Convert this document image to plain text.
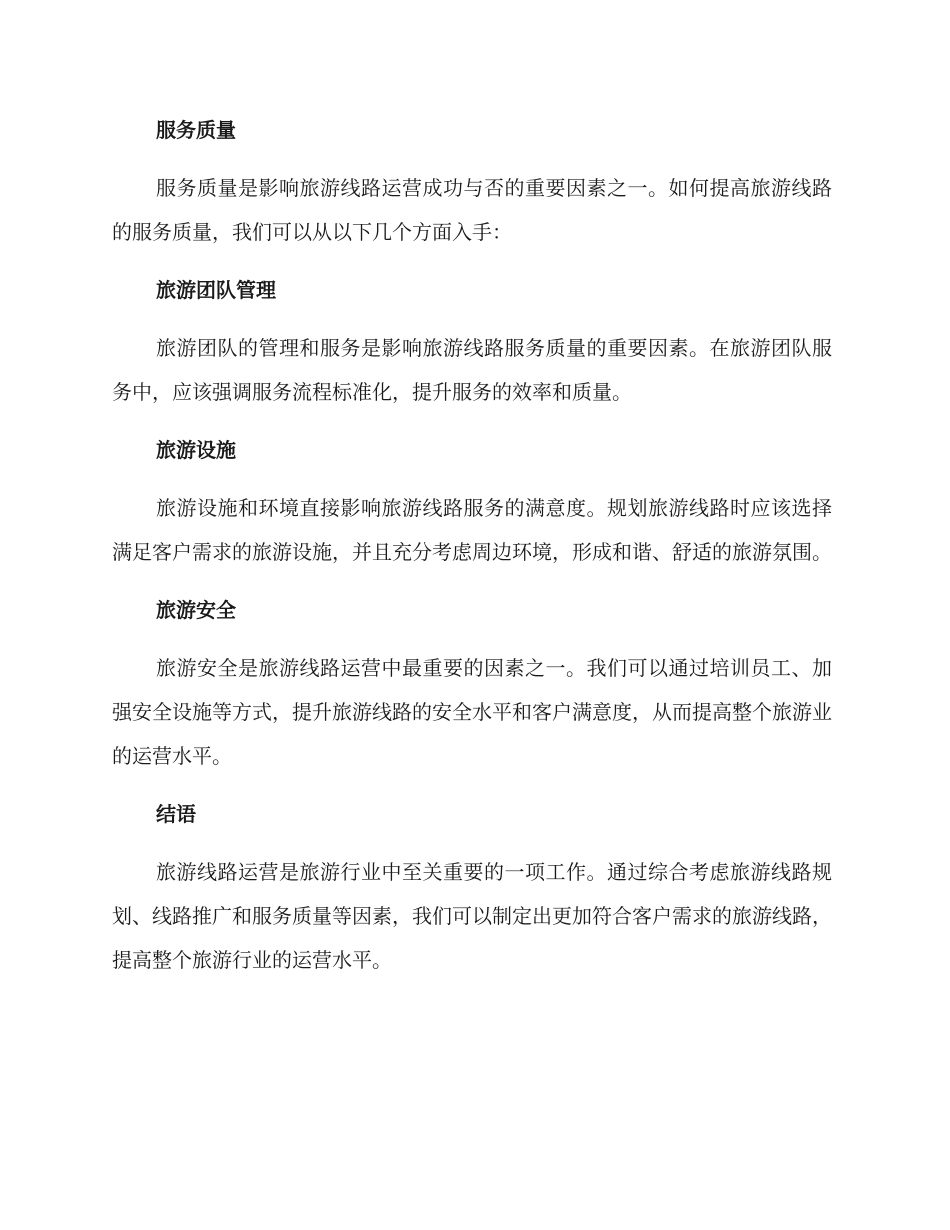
服务质量

服务质量是影响旅游线路运营成功与否的重要因素之一。如何提高旅游线路的服务质量，我们可以从以下几个方面入手：

旅游团队管理

旅游团队的管理和服务是影响旅游线路服务质量的重要因素。在旅游团队服务中，应该强调服务流程标准化，提升服务的效率和质量。

旅游设施

旅游设施和环境直接影响旅游线路服务的满意度。规划旅游线路时应该选择满足客户需求的旅游设施，并且充分考虑周边环境，形成和谐、舒适的旅游氛围。

旅游安全

旅游安全是旅游线路运营中最重要的因素之一。我们可以通过培训员工、加强安全设施等方式，提升旅游线路的安全水平和客户满意度，从而提高整个旅游业的运营水平。

结语

旅游线路运营是旅游行业中至关重要的一项工作。通过综合考虑旅游线路规划、线路推广和服务质量等因素，我们可以制定出更加符合客户需求的旅游线路，提高整个旅游行业的运营水平。
